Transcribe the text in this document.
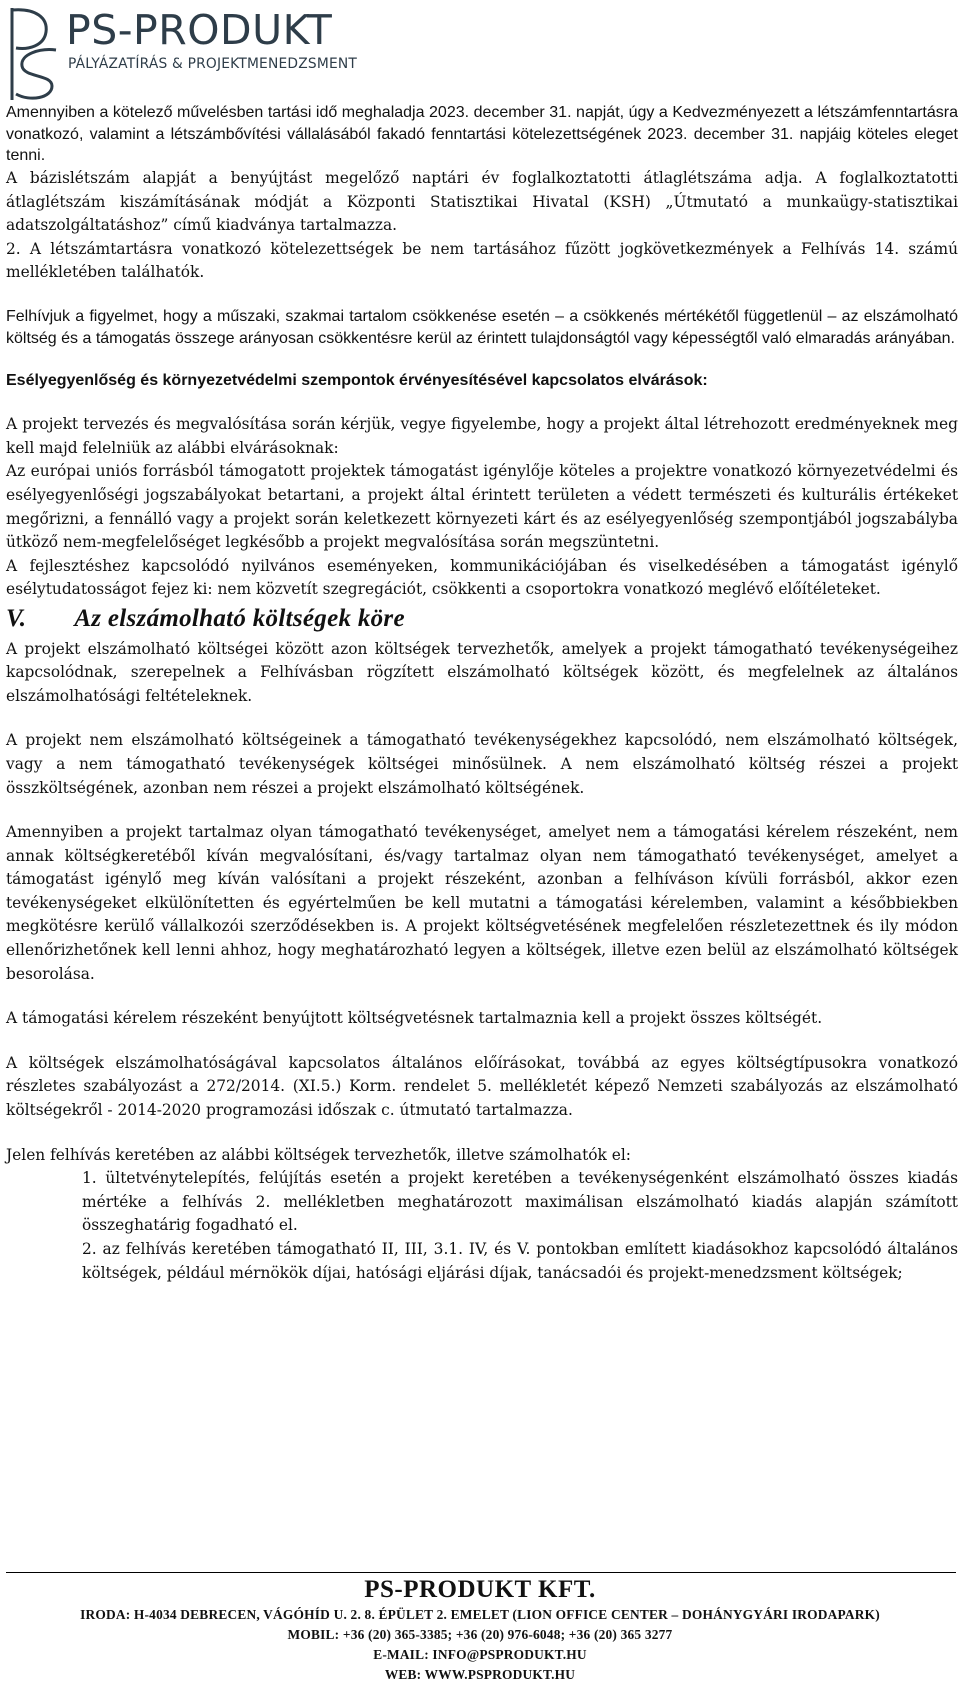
PS-PRODUKT
PÁLYÁZATÍRÁS & PROJEKTMENEDZSMENT

Amennyiben a kötelező művelésben tartási idő meghaladja 2023. december 31. napját, úgy a Kedvezményezett a létszámfenntartásra vonatkozó, valamint a létszámbővítési vállalásából fakadó fenntartási kötelezettségének 2023. december 31. napjáig köteles eleget tenni.

A bázislétszám alapját a benyújtást megelőző naptári év foglalkoztatotti átlaglétszáma adja. A foglalkoztatotti átlaglétszám kiszámításának módját a Központi Statisztikai Hivatal (KSH) „Útmutató a munkaügy-statisztikai adatszolgáltatáshoz” című kiadványa tartalmazza.

2. A létszámtartásra vonatkozó kötelezettségek be nem tartásához fűzött jogkövetkezmények a Felhívás 14. számú mellékletében találhatók.

Felhívjuk a figyelmet, hogy a műszaki, szakmai tartalom csökkenése esetén – a csökkenés mértékétől függetlenül – az elszámolható költség és a támogatás összege arányosan csökkentésre kerül az érintett tulajdonságtól vagy képességtől való elmaradás arányában.

Esélyegyenlőség és környezetvédelmi szempontok érvényesítésével kapcsolatos elvárások:

A projekt tervezés és megvalósítása során kérjük, vegye figyelembe, hogy a projekt által létrehozott eredményeknek meg kell majd felelniük az alábbi elvárásoknak:

Az európai uniós forrásból támogatott projektek támogatást igénylője köteles a projektre vonatkozó környezetvédelmi és esélyegyenlőségi jogszabályokat betartani, a projekt által érintett területen a védett természeti és kulturális értékeket megőrizni, a fennálló vagy a projekt során keletkezett környezeti kárt és az esélyegyenlőség szempontjából jogszabályba ütköző nem-megfelelőséget legkésőbb a projekt megvalósítása során megszüntetni.

A fejlesztéshez kapcsolódó nyilvános eseményeken, kommunikációjában és viselkedésében a támogatást igénylő esélytudatosságot fejez ki: nem közvetít szegregációt, csökkenti a csoportokra vonatkozó meglévő előítéleteket.

V. Az elszámolható költségek köre

A projekt elszámolható költségei között azon költségek tervezhetők, amelyek a projekt támogatható tevékenységeihez kapcsolódnak, szerepelnek a Felhívásban rögzített elszámolható költségek között, és megfelelnek az általános elszámolhatósági feltételeknek.

A projekt nem elszámolható költségeinek a támogatható tevékenységekhez kapcsolódó, nem elszámolható költségek, vagy a nem támogatható tevékenységek költségei minősülnek. A nem elszámolható költség részei a projekt összköltségének, azonban nem részei a projekt elszámolható költségének.

Amennyiben a projekt tartalmaz olyan támogatható tevékenységet, amelyet nem a támogatási kérelem részeként, nem annak költségkeretéből kíván megvalósítani, és/vagy tartalmaz olyan nem támogatható tevékenységet, amelyet a támogatást igénylő meg kíván valósítani a projekt részeként, azonban a felhíváson kívüli forrásból, akkor ezen tevékenységeket elkülönítetten és egyértelműen be kell mutatni a támogatási kérelemben, valamint a későbbiekben megkötésre kerülő vállalkozói szerződésekben is. A projekt költségvetésének megfelelően részletezettnek és ily módon ellenőrizhetőnek kell lenni ahhoz, hogy meghatározható legyen a költségek, illetve ezen belül az elszámolható költségek besorolása.

A támogatási kérelem részeként benyújtott költségvetésnek tartalmaznia kell a projekt összes költségét.

A költségek elszámolhatóságával kapcsolatos általános előírásokat, továbbá az egyes költségtípusokra vonatkozó részletes szabályozást a 272/2014. (XI.5.) Korm. rendelet 5. mellékletét képező Nemzeti szabályozás az elszámolható költségekről - 2014-2020 programozási időszak c. útmutató tartalmazza.

Jelen felhívás keretében az alábbi költségek tervezhetők, illetve számolhatók el:

1. ültetvénytelepítés, felújítás esetén a projekt keretében a tevékenységenként elszámolható összes kiadás mértéke a felhívás 2. mellékletben meghatározott maximálisan elszámolható kiadás alapján számított összeghatárig fogadható el.
2. az felhívás keretében támogatható II, III, 3.1. IV, és V. pontokban említett kiadásokhoz kapcsolódó általános költségek, például mérnökök díjai, hatósági eljárási díjak, tanácsadói és projekt-menedzsment költségek;
PS-PRODUKT KFT.
IRODA: H-4034 DEBRECEN, VÁGÓHÍD U. 2. 8. ÉPÜLET 2. EMELET (LION OFFICE CENTER – DOHÁNYGYÁRI IRODAPARK)
MOBIL: +36 (20) 365-3385; +36 (20) 976-6048; +36 (20) 365 3277
E-MAIL: INFO@PSPRODUKT.HU
WEB: WWW.PSPRODUKT.HU
